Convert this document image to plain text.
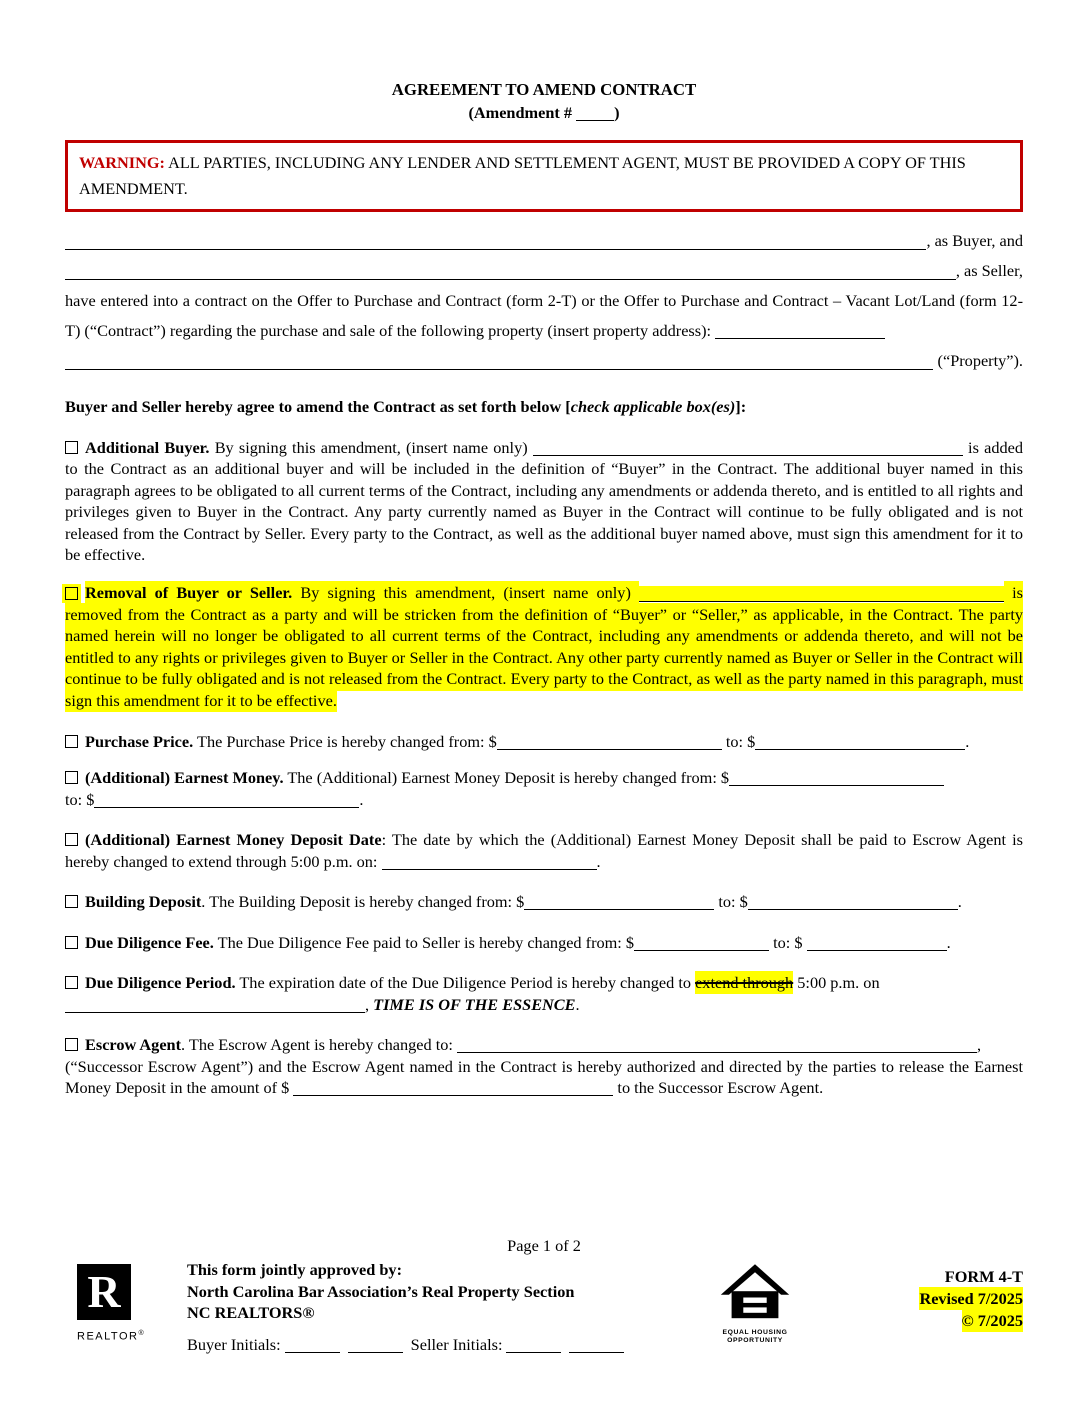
AGREEMENT TO AMEND CONTRACT
(Amendment # )
WARNING: ALL PARTIES, INCLUDING ANY LENDER AND SETTLEMENT AGENT, MUST BE PROVIDED A COPY OF THIS AMENDMENT.
, as Buyer, and
, as Seller,
have entered into a contract on the Offer to Purchase and Contract (form 2-T) or the Offer to Purchase and Contract – Vacant Lot/Land (form 12-T) (“Contract”) regarding the purchase and sale of the following property (insert property address):
(“Property”).
Buyer and Seller hereby agree to amend the Contract as set forth below [check applicable box(es)]:
Additional Buyer. By signing this amendment, (insert name only)	is added to the Contract as an additional buyer and will be included in the definition of “Buyer” in the Contract. The additional buyer named in this paragraph agrees to be obligated to all current terms of the Contract, including any amendments or addenda thereto, and is entitled to all rights and privileges given to Buyer in the Contract. Any party currently named as Buyer in the Contract will continue to be fully obligated and is not released from the Contract by Seller. Every party to the Contract, as well as the additional buyer named above, must sign this amendment for it to be effective.
Removal of Buyer or Seller. By signing this amendment, (insert name only)	is removed from the Contract as a party and will be stricken from the definition of “Buyer” or “Seller,” as applicable, in the Contract. The party named herein will no longer be obligated to all current terms of the Contract, including any amendments or addenda thereto, and will not be entitled to any rights or privileges given to Buyer or Seller in the Contract. Any other party currently named as Buyer or Seller in the Contract will continue to be fully obligated and is not released from the Contract. Every party to the Contract, as well as the party named in this paragraph, must sign this amendment for it to be effective.
Purchase Price. The Purchase Price is hereby changed from: $	to: $	.
(Additional) Earnest Money. The (Additional) Earnest Money Deposit is hereby changed from: $
to: $	.
(Additional) Earnest Money Deposit Date: The date by which the (Additional) Earnest Money Deposit shall be paid to Escrow Agent is hereby changed to extend through 5:00 p.m. on:	.
Building Deposit. The Building Deposit is hereby changed from: $	to: $	.
Due Diligence Fee. The Due Diligence Fee paid to Seller is hereby changed from: $	to: $	.
Due Diligence Period. The expiration date of the Due Diligence Period is hereby changed to extend through 5:00 p.m. on
, TIME IS OF THE ESSENCE.
Escrow Agent. The Escrow Agent is hereby changed to:	,
(“Successor Escrow Agent”) and the Escrow Agent named in the Contract is hereby authorized and directed by the parties to release the Earnest Money Deposit in the amount of $	to the Successor Escrow Agent.
Page 1 of 2
R
REALTOR®
This form jointly approved by:
North Carolina Bar Association’s Real Property Section
NC REALTORS®
Buyer Initials:	Seller Initials:
EQUAL HOUSING
OPPORTUNITY
FORM 4-T
Revised 7/2025
© 7/2025
